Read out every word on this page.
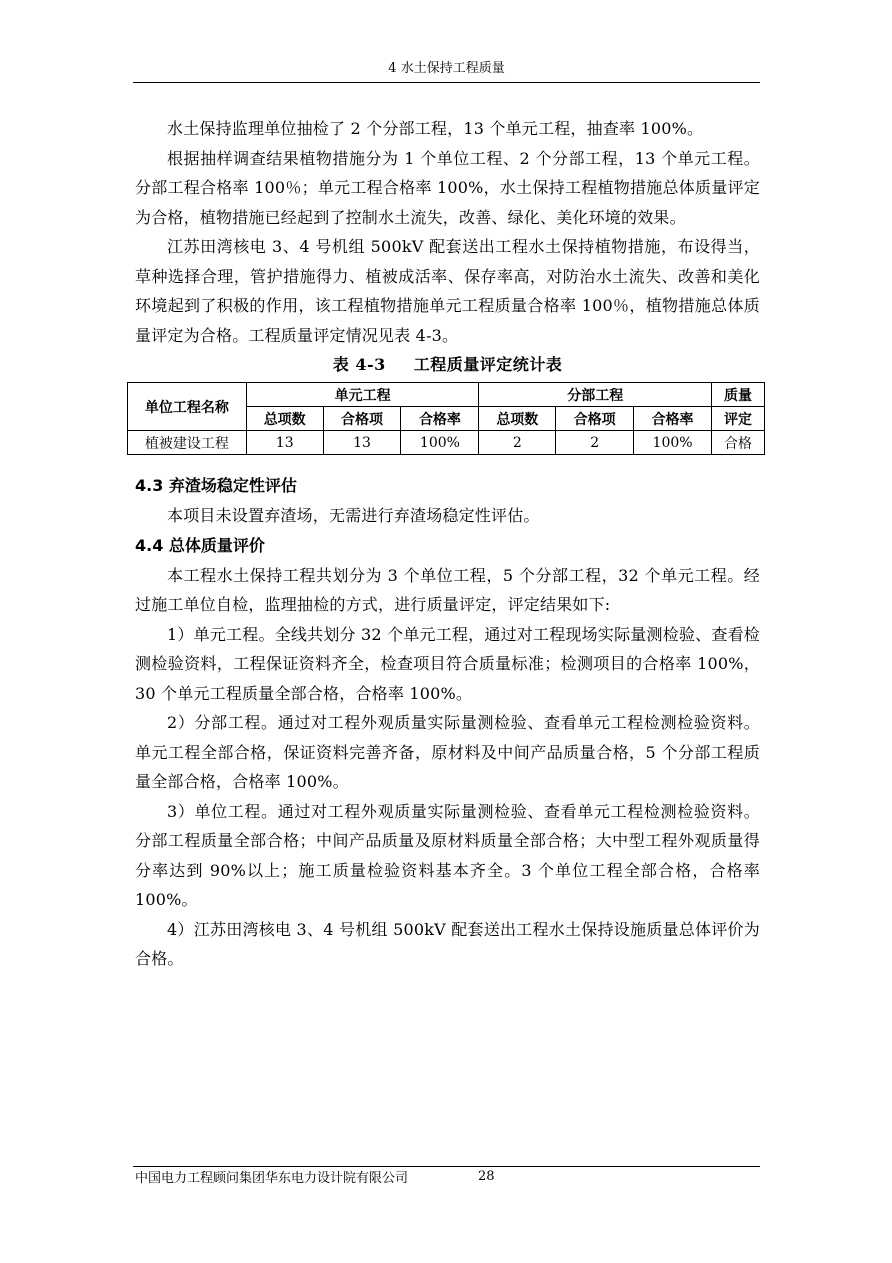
4 水土保持工程质量

水土保持监理单位抽检了 2 个分部工程，13 个单元工程，抽查率 100%。

根据抽样调查结果植物措施分为 1 个单位工程、2 个分部工程，13 个单元工程。分部工程合格率 100％；单元工程合格率 100%，水土保持工程植物措施总体质量评定为合格，植物措施已经起到了控制水土流失，改善、绿化、美化环境的效果。

江苏田湾核电 3、4 号机组 500kV 配套送出工程水土保持植物措施，布设得当，草种选择合理，管护措施得力、植被成活率、保存率高，对防治水土流失、改善和美化环境起到了积极的作用，该工程植物措施单元工程质量合格率 100％，植物措施总体质量评定为合格。工程质量评定情况见表 4-3。

表 4-3 工程质量评定统计表
单位工程名称	单元工程			分部工程			质量
	总项数	合格项	合格率	总项数	合格项	合格率	评定
植被建设工程	13	13	100%	2	2	100%	合格
4.3 弃渣场稳定性评估

本项目未设置弃渣场，无需进行弃渣场稳定性评估。

4.4 总体质量评价

本工程水土保持工程共划分为 3 个单位工程，5 个分部工程，32 个单元工程。经过施工单位自检，监理抽检的方式，进行质量评定，评定结果如下:

1）单元工程。全线共划分 32 个单元工程，通过对工程现场实际量测检验、查看检测检验资料，工程保证资料齐全，检查项目符合质量标准；检测项目的合格率 100%，30 个单元工程质量全部合格，合格率 100%。

2）分部工程。通过对工程外观质量实际量测检验、查看单元工程检测检验资料。单元工程全部合格，保证资料完善齐备，原材料及中间产品质量合格，5 个分部工程质量全部合格，合格率 100%。

3）单位工程。通过对工程外观质量实际量测检验、查看单元工程检测检验资料。分部工程质量全部合格；中间产品质量及原材料质量全部合格；大中型工程外观质量得分率达到 90%以上；施工质量检验资料基本齐全。3 个单位工程全部合格，合格率 100%。

4）江苏田湾核电 3、4 号机组 500kV 配套送出工程水土保持设施质量总体评价为合格。

中国电力工程顾问集团华东电力设计院有限公司	28
